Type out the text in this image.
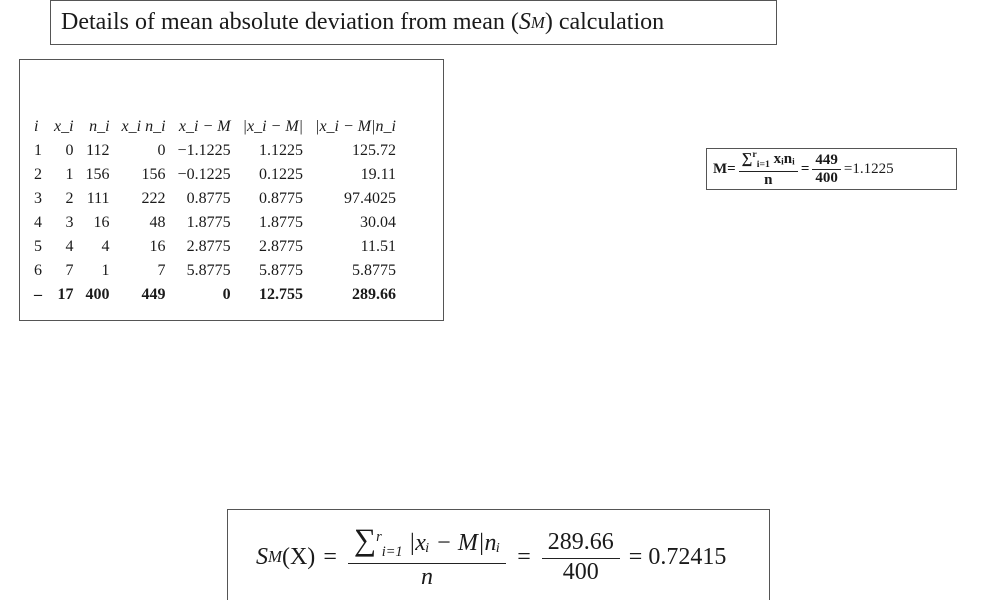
Details of mean absolute deviation from mean ( S M ) calculation
i	x_i	n_i	x_i n_i	x_i − M	|x_i − M|	|x_i − M|n_i
1	0	112	0	−1.1225	1.1225	125.72
2	1	156	156	−0.1225	0.1225	19.11
3	2	111	222	0.8775	0.8775	97.4025
4	3	16	48	1.8775	1.8775	30.04
5	4	4	16	2.8775	2.8775	11.51
6	7	1	7	5.8775	5.8775	5.8775
–	17	400	449	0	12.755	289.66
$M= \frac{\sum^r_{i=1} xᵢnᵢ}{n} = \frac{449}{400} =1.1225$
S M $(X) = \frac{\sum^r_{i=1} |xᵢ - M|nᵢ}{n} = \frac{289.66}{400} = 0.72415$
